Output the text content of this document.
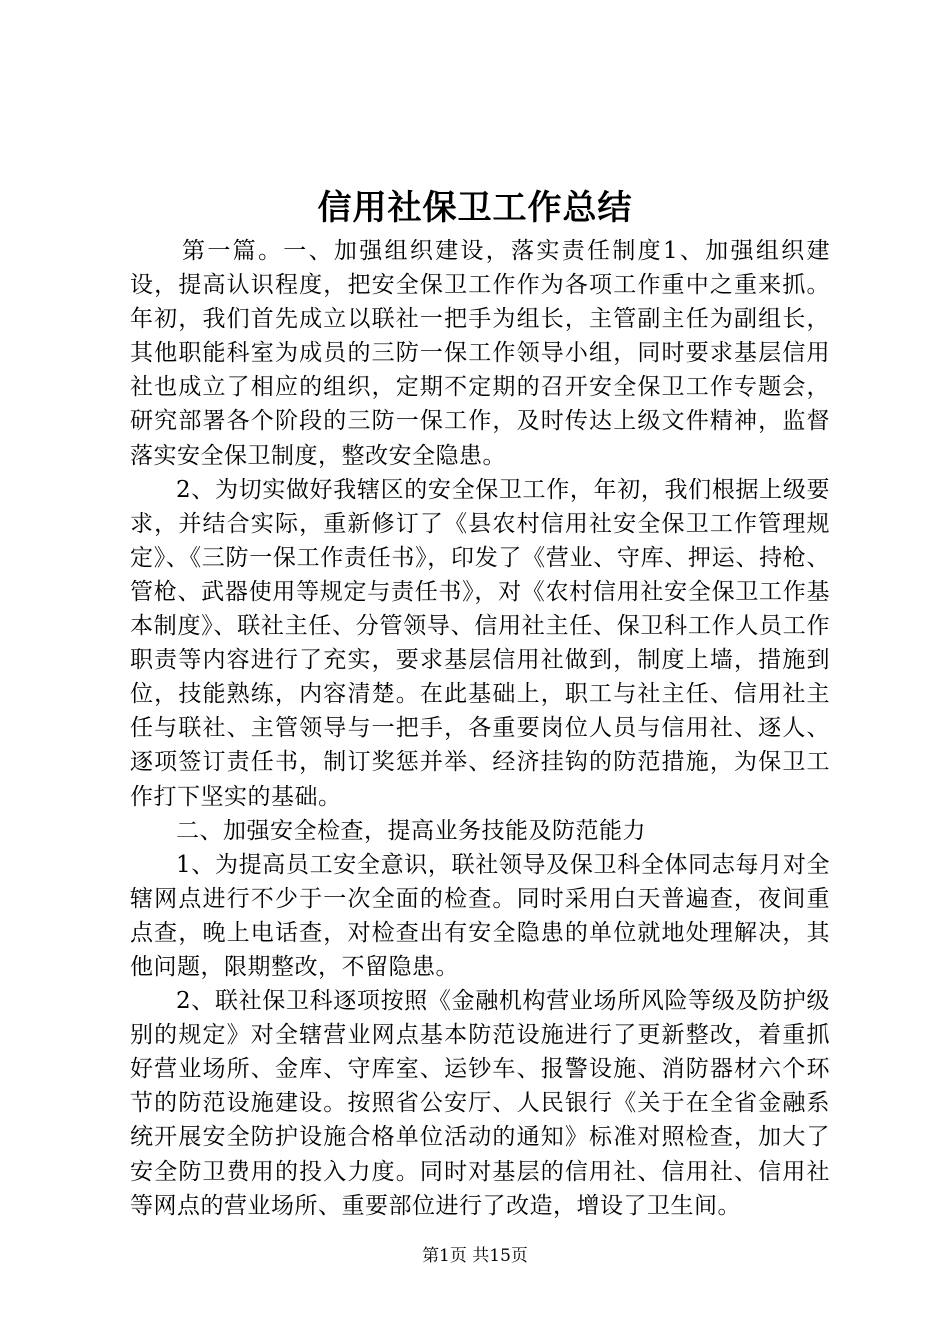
信用社保卫工作总结

第一篇。一、加强组织建设，落实责任制度1、加强组织建设，提高认识程度，把安全保卫工作作为各项工作重中之重来抓。年初，我们首先成立以联社一把手为组长，主管副主任为副组长，其他职能科室为成员的三防一保工作领导小组，同时要求基层信用社也成立了相应的组织，定期不定期的召开安全保卫工作专题会，研究部署各个阶段的三防一保工作，及时传达上级文件精神，监督落实安全保卫制度，整改安全隐患。

2、为切实做好我辖区的安全保卫工作，年初，我们根据上级要求，并结合实际，重新修订了《县农村信用社安全保卫工作管理规定》、《三防一保工作责任书》，印发了《营业、守库、押运、持枪、管枪、武器使用等规定与责任书》，对《农村信用社安全保卫工作基本制度》、联社主任、分管领导、信用社主任、保卫科工作人员工作职责等内容进行了充实，要求基层信用社做到，制度上墙，措施到位，技能熟练，内容清楚。在此基础上，职工与社主任、信用社主任与联社、主管领导与一把手，各重要岗位人员与信用社、逐人、逐项签订责任书，制订奖惩并举、经济挂钩的防范措施，为保卫工作打下坚实的基础。

二、加强安全检查，提高业务技能及防范能力

1、为提高员工安全意识，联社领导及保卫科全体同志每月对全辖网点进行不少于一次全面的检查。同时采用白天普遍查，夜间重点查，晚上电话查，对检查出有安全隐患的单位就地处理解决，其他问题，限期整改，不留隐患。

2、联社保卫科逐项按照《金融机构营业场所风险等级及防护级别的规定》对全辖营业网点基本防范设施进行了更新整改，着重抓好营业场所、金库、守库室、运钞车、报警设施、消防器材六个环节的防范设施建设。按照省公安厅、人民银行《关于在全省金融系统开展安全防护设施合格单位活动的通知》标准对照检查，加大了安全防卫费用的投入力度。同时对基层的信用社、信用社、信用社等网点的营业场所、重要部位进行了改造，增设了卫生间。

第1页 共15页
